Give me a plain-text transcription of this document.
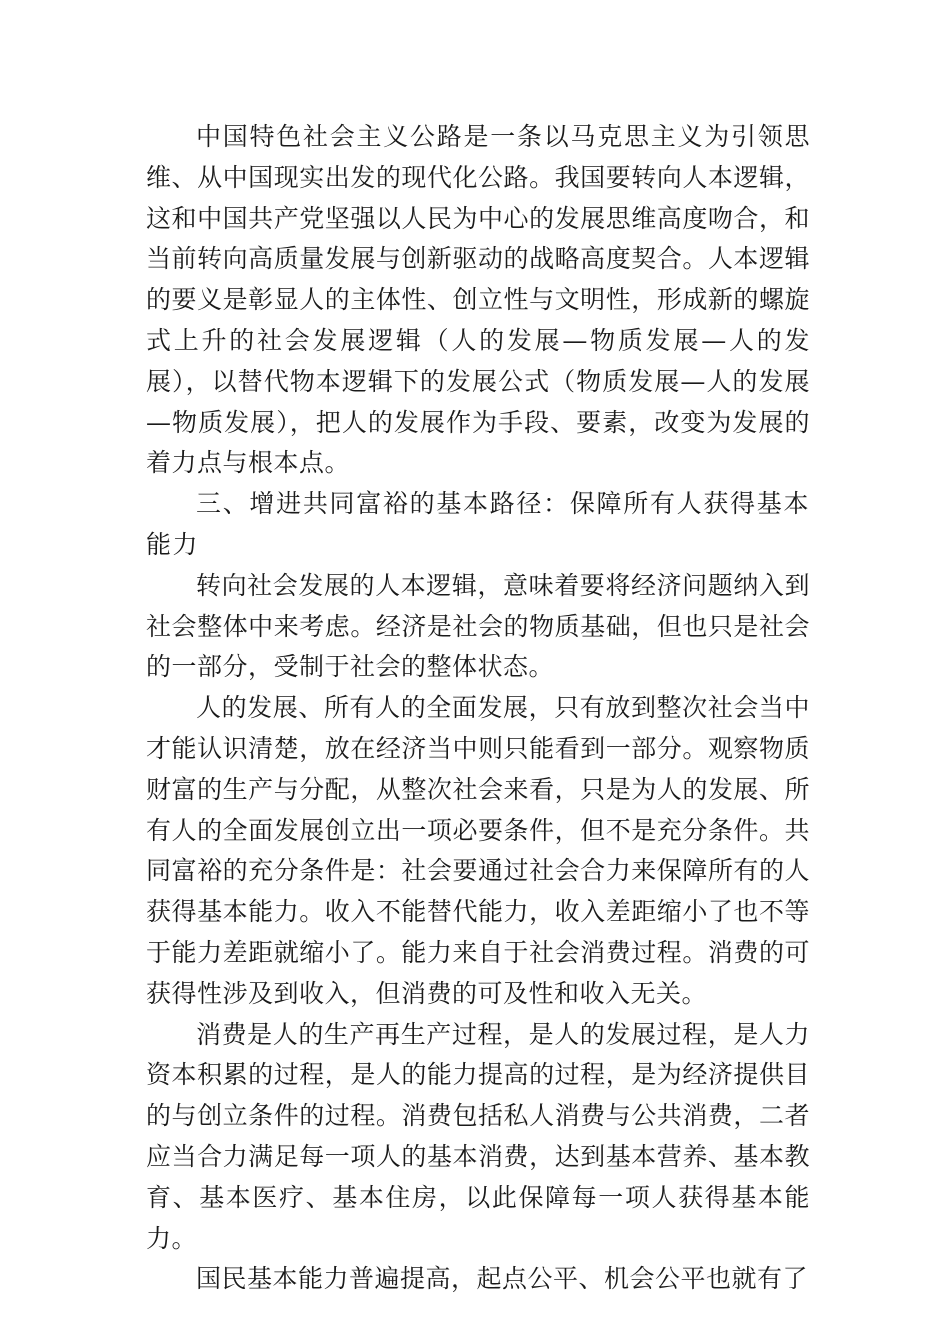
中国特色社会主义公路是一条以马克思主义为引领思维、从中国现实出发的现代化公路。我国要转向人本逻辑，这和中国共产党坚强以人民为中心的发展思维高度吻合，和当前转向高质量发展与创新驱动的战略高度契合。人本逻辑的要义是彰显人的主体性、创立性与文明性，形成新的螺旋式上升的社会发展逻辑（人的发展—物质发展—人的发展），以替代物本逻辑下的发展公式（物质发展—人的发展—物质发展），把人的发展作为手段、要素，改变为发展的着力点与根本点。

三、增进共同富裕的基本路径：保障所有人获得基本能力

转向社会发展的人本逻辑，意味着要将经济问题纳入到社会整体中来考虑。经济是社会的物质基础，但也只是社会的一部分，受制于社会的整体状态。

人的发展、所有人的全面发展，只有放到整次社会当中才能认识清楚，放在经济当中则只能看到一部分。观察物质财富的生产与分配，从整次社会来看，只是为人的发展、所有人的全面发展创立出一项必要条件，但不是充分条件。共同富裕的充分条件是：社会要通过社会合力来保障所有的人获得基本能力。收入不能替代能力，收入差距缩小了也不等于能力差距就缩小了。能力来自于社会消费过程。消费的可获得性涉及到收入，但消费的可及性和收入无关。

消费是人的生产再生产过程，是人的发展过程，是人力资本积累的过程，是人的能力提高的过程，是为经济提供目的与创立条件的过程。消费包括私人消费与公共消费，二者应当合力满足每一项人的基本消费，达到基本营养、基本教育、基本医疗、基本住房，以此保障每一项人获得基本能力。

国民基本能力普遍提高，起点公平、机会公平也就有了
